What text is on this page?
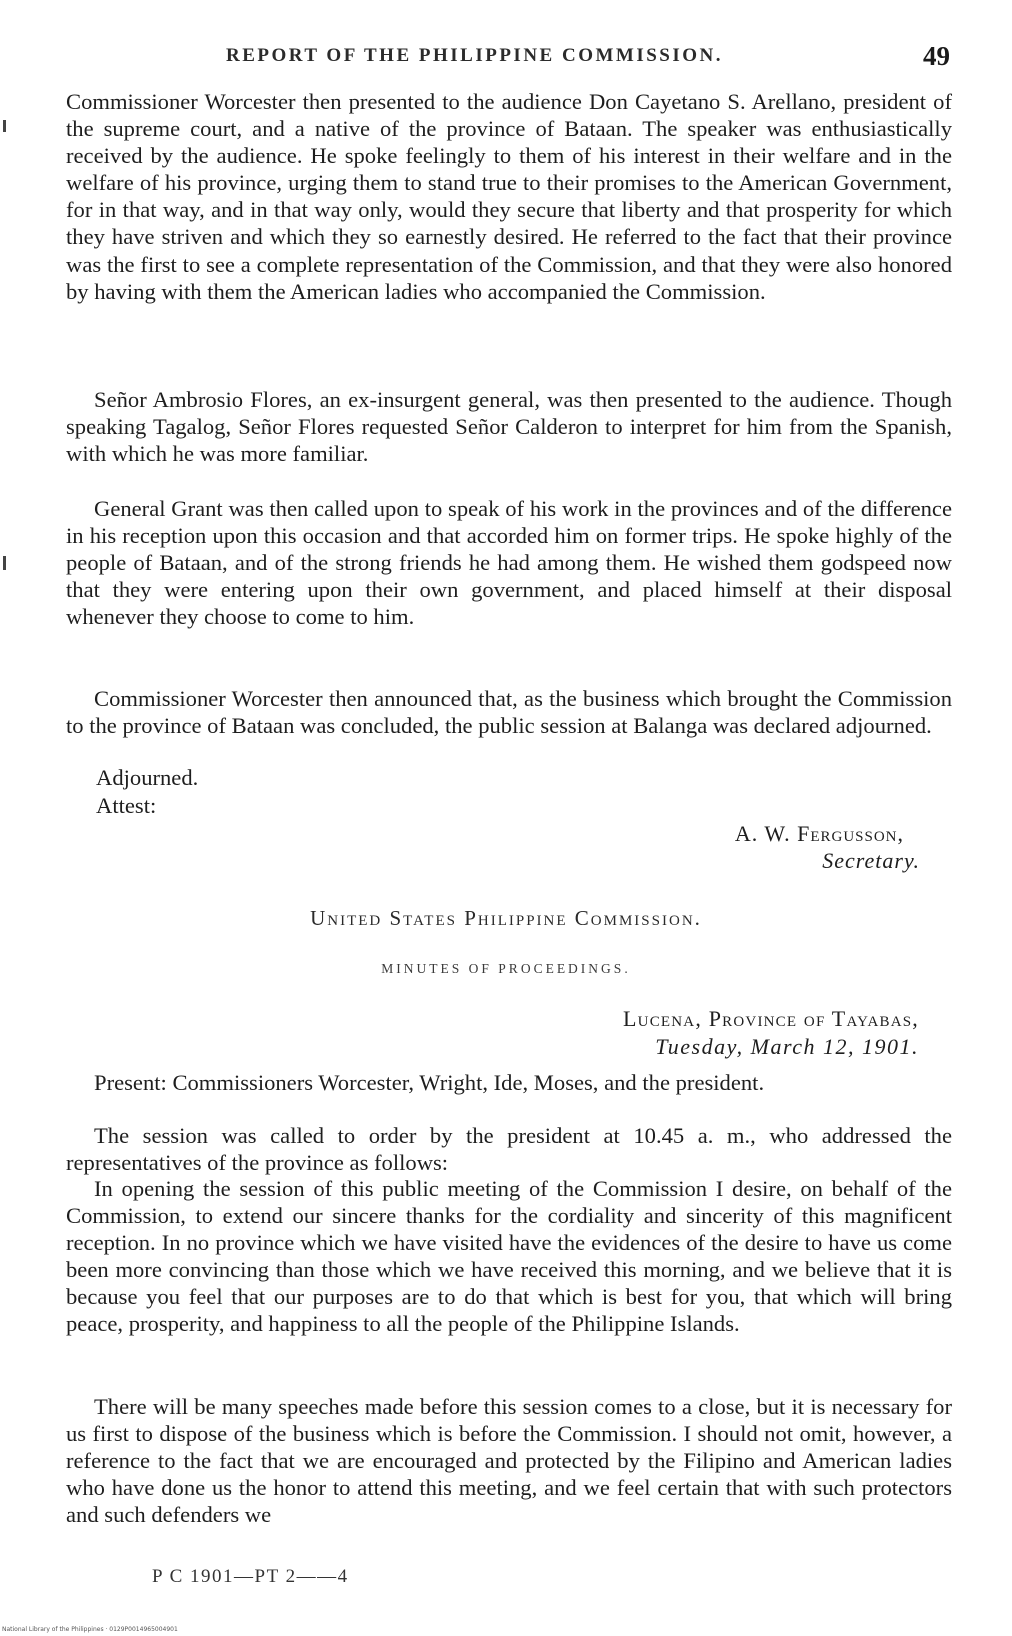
REPORT OF THE PHILIPPINE COMMISSION.	49

Commissioner Worcester then presented to the audience Don Cayetano S. Arellano, president of the supreme court, and a native of the province of Bataan. The speaker was enthusiastically received by the audience. He spoke feelingly to them of his interest in their welfare and in the welfare of his province, urging them to stand true to their promises to the American Government, for in that way, and in that way only, would they secure that liberty and that prosperity for which they have striven and which they so earnestly desired. He referred to the fact that their province was the first to see a complete representation of the Commission, and that they were also honored by having with them the American ladies who accompanied the Commission.

Señor Ambrosio Flores, an ex-insurgent general, was then presented to the audience. Though speaking Tagalog, Señor Flores requested Señor Calderon to interpret for him from the Spanish, with which he was more familiar.

General Grant was then called upon to speak of his work in the provinces and of the difference in his reception upon this occasion and that accorded him on former trips. He spoke highly of the people of Bataan, and of the strong friends he had among them. He wished them godspeed now that they were entering upon their own government, and placed himself at their disposal whenever they choose to come to him.

Commissioner Worcester then announced that, as the business which brought the Commission to the province of Bataan was concluded, the public session at Balanga was declared adjourned.

Adjourned.
Attest:
A. W. Fergusson,
Secretary.
United States Philippine Commission.
MINUTES OF PROCEEDINGS.
Lucena, Province of Tayabas,
Tuesday, March 12, 1901.

Present: Commissioners Worcester, Wright, Ide, Moses, and the president.

The session was called to order by the president at 10.45 a. m., who addressed the representatives of the province as follows:

In opening the session of this public meeting of the Commission I desire, on behalf of the Commission, to extend our sincere thanks for the cordiality and sincerity of this magnificent reception. In no province which we have visited have the evidences of the desire to have us come been more convincing than those which we have received this morning, and we believe that it is because you feel that our purposes are to do that which is best for you, that which will bring peace, prosperity, and happiness to all the people of the Philippine Islands.

There will be many speeches made before this session comes to a close, but it is necessary for us first to dispose of the business which is before the Commission. I should not omit, however, a reference to the fact that we are encouraged and protected by the Filipino and American ladies who have done us the honor to attend this meeting, and we feel certain that with such protectors and such defenders we

P C 1901—PT 2——4
National Library of the Philippines · 0129P0014965004901
